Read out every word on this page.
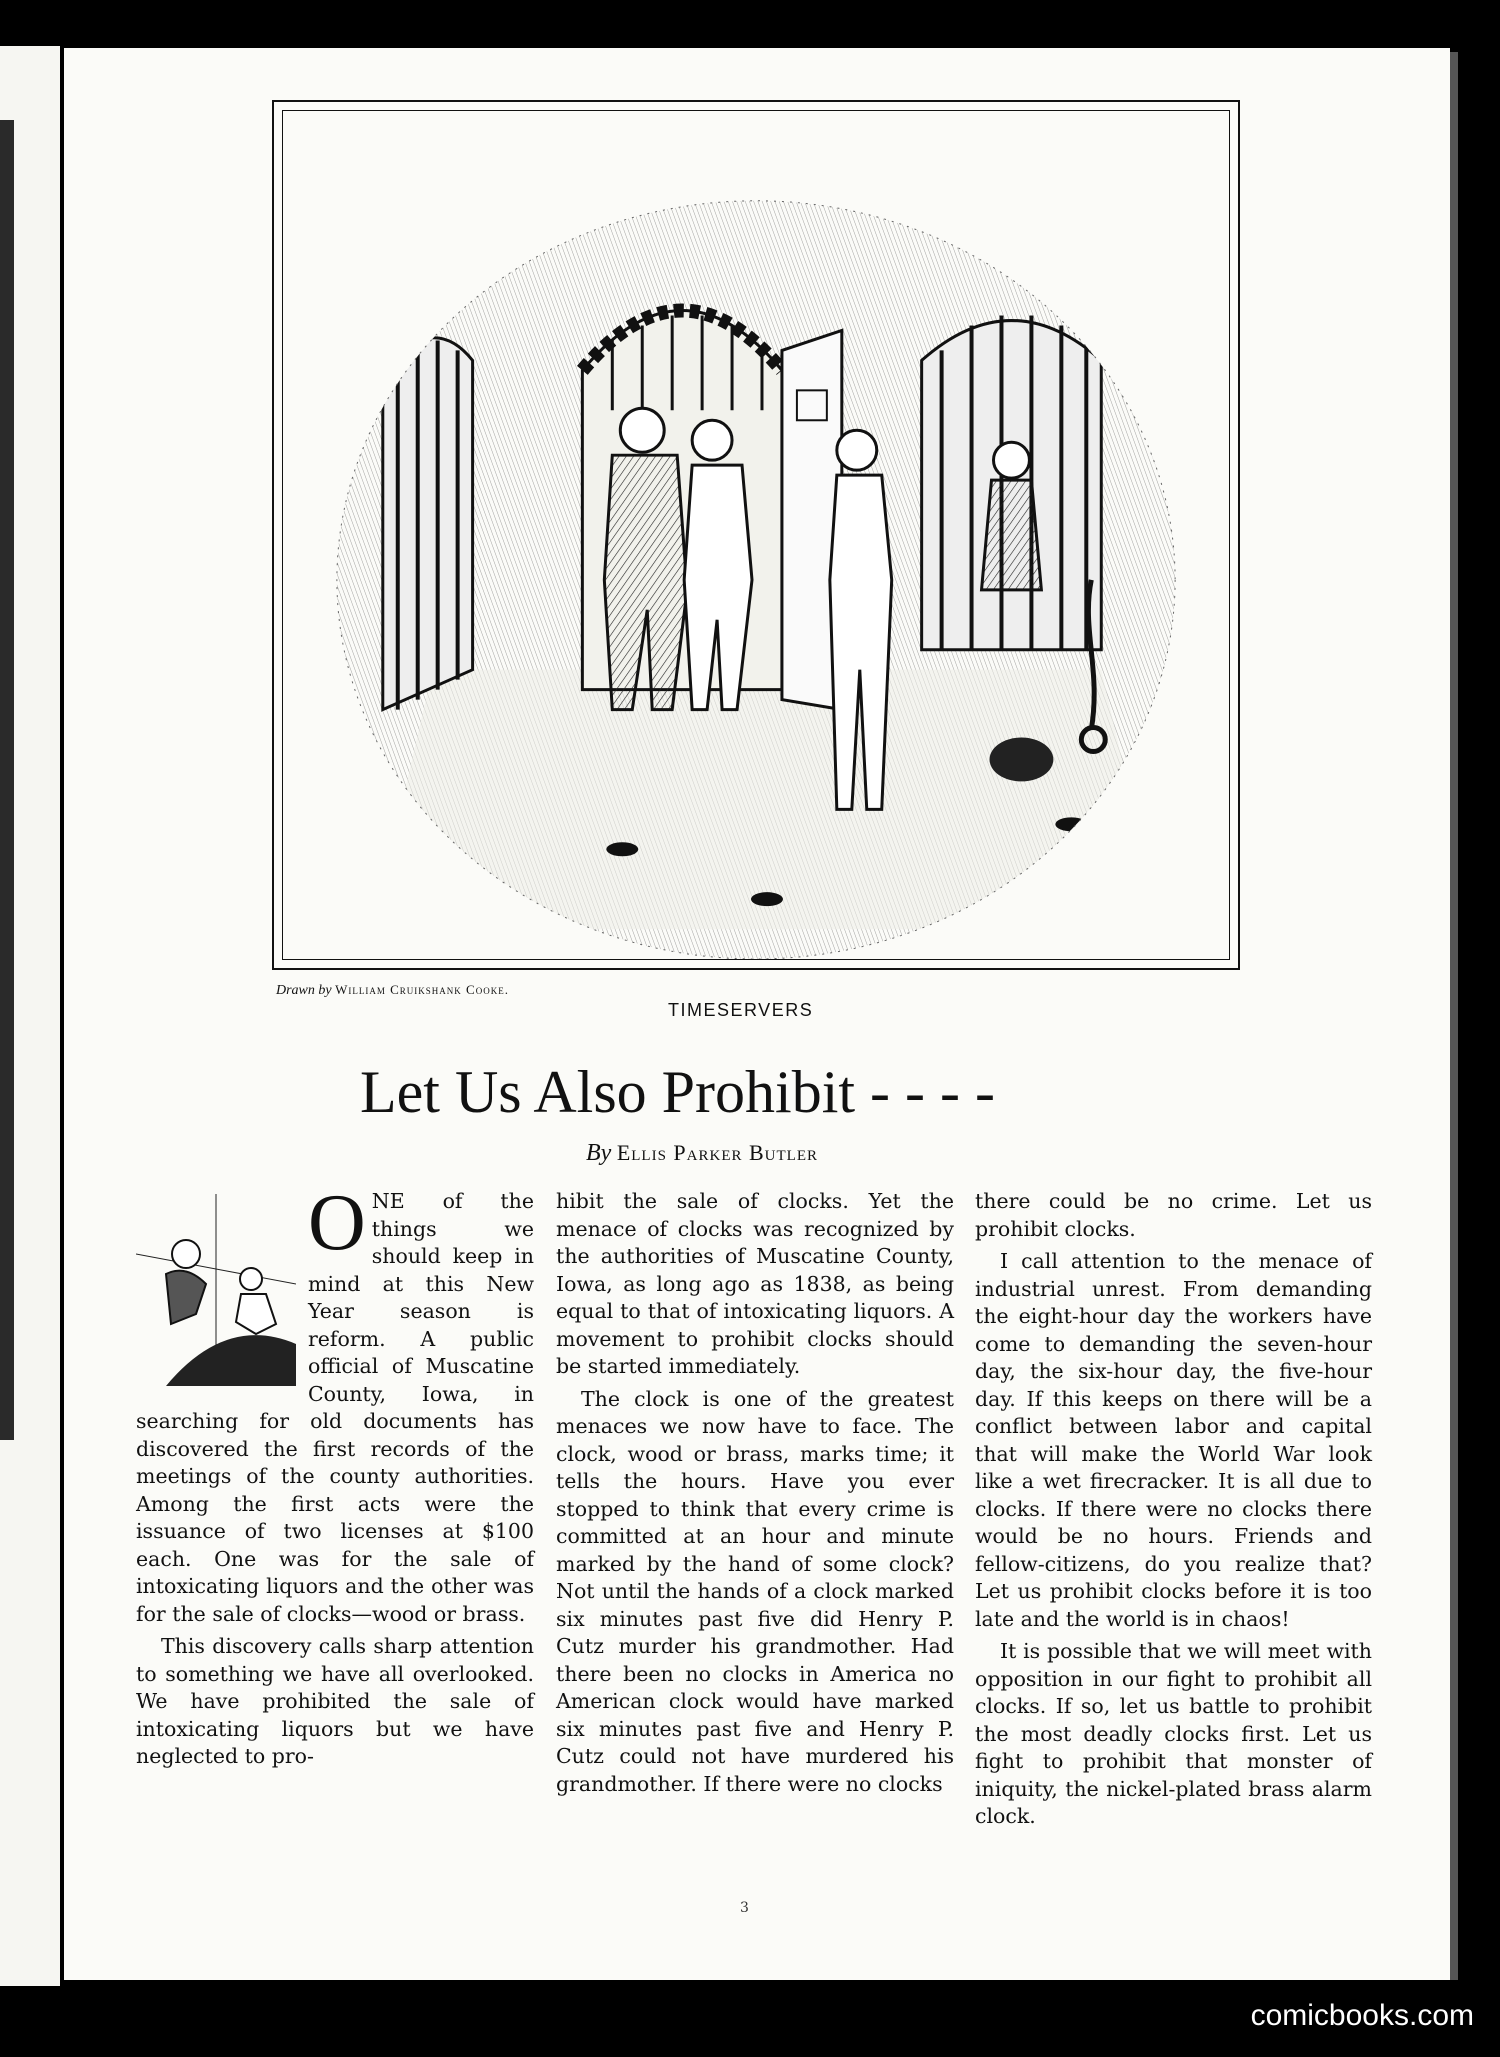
Drawn by William Cruikshank Cooke.
TIMESERVERS
Let Us Also Prohibit - - - -
By Ellis Parker Butler
O NE of the things we should keep in mind at this New Year season is reform. A public official of Muscatine County, Iowa, in searching for old documents has discovered the first records of the meetings of the county authorities. Among the first acts were the issuance of two licenses at $100 each. One was for the sale of intoxicating liquors and the other was for the sale of clocks—wood or brass.

This discovery calls sharp attention to something we have all overlooked. We have prohibited the sale of intoxicating liquors but we have neglected to pro-

hibit the sale of clocks. Yet the menace of clocks was recognized by the authorities of Muscatine County, Iowa, as long ago as 1838, as being equal to that of intoxicating liquors. A movement to prohibit clocks should be started immediately.

The clock is one of the greatest menaces we now have to face. The clock, wood or brass, marks time; it tells the hours. Have you ever stopped to think that every crime is committed at an hour and minute marked by the hand of some clock? Not until the hands of a clock marked six minutes past five did Henry P. Cutz murder his grandmother. Had there been no clocks in America no American clock would have marked six minutes past five and Henry P. Cutz could not have murdered his grandmother. If there were no clocks

there could be no crime. Let us prohibit clocks.

I call attention to the menace of industrial unrest. From demanding the eight-hour day the workers have come to demanding the seven-hour day, the six-hour day, the five-hour day. If this keeps on there will be a conflict between labor and capital that will make the World War look like a wet firecracker. It is all due to clocks. If there were no clocks there would be no hours. Friends and fellow-citizens, do you realize that? Let us prohibit clocks before it is too late and the world is in chaos!

It is possible that we will meet with opposition in our fight to prohibit all clocks. If so, let us battle to prohibit the most deadly clocks first. Let us fight to prohibit that monster of iniquity, the nickel-plated brass alarm clock.

3
comicbooks.com
